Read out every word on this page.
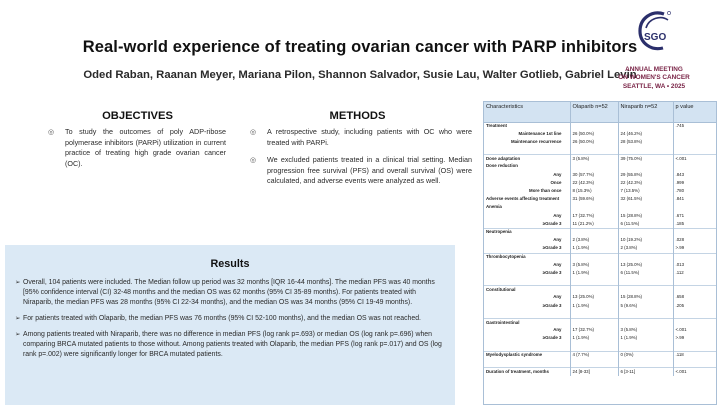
Real-world experience of treating ovarian cancer with PARP inhibitors
Oded Raban, Raanan Meyer, Mariana Pilon, Shannon Salvador, Susie Lau, Walter Gotlieb, Gabriel Levin
SGO
ANNUAL MEETING
ON WOMEN'S CANCER
SEATTLE, WA • 2025
OBJECTIVES
◎	To study the outcomes of poly ADP-ribose polymerase inhibitors (PARPi) utilization in current practice of treating high grade ovarian cancer (OC).
METHODS
◎	A retrospective study, including patients with OC who were treated with PARPi.
◎	We excluded patients treated in a clinical trial setting. Median progression free survival (PFS) and overall survival (OS) were calculated, and adverse events were analyzed as well.
Results
➢ Overall, 104 patients were included. The Median follow up period was 32 months [IQR 16-44 months]. The median PFS was 40 months [95% confidence interval (CI) 32-48 months and the median OS was 62 months (95% CI 35-89 months). For patients treated with Niraparib, the median PFS was 28 months (95% CI 22-34 months), and the median OS was 34 months (95% CI 19-49 months).
➢ For patients treated with Olaparib, the median PFS was 76 months (95% CI 52-100 months), and the median OS was not reached.
➢ Among patients treated with Niraparib, there was no difference in median PFS (log rank p=.693) or median OS (log rank p=.696) when comparing BRCA mutated patients to those without. Among patients treated with Olaparib, the median PFS (log rank p=.017) and OS (log rank p=.002) were significantly longer for BRCA mutated patients.
Characteristics	Olaparib n=52	Niraparib n=52	p value
Treatment			.745
Maintenance 1st line	26 (50.0%)	24 (46.2%)	
Maintenance recurrence	26 (50.0%)	28 (53.8%)	

Dose adaptation	3 (5.8%)	39 (75.0%)	<.001
Dose reduction			
Any	30 (57.7%)	29 (55.8%)	.843
Once	22 (42.3%)	22 (42.3%)	.999
More than once	8 (15.3%)	7 (13.5%)	.780
Adverse events affecting treatment	31 (59.6%)	32 (61.5%)	.841
Anemia			
Any	17 (32.7%)	15 (28.8%)	.671
≥Grade 3	11 (21.2%)	6 (11.5%)	.185
Neutropenia			
Any	2 (3.8%)	10 (19.2%)	.028
≥Grade 3	1 (1.9%)	2 (3.8%)	>.99
Thrombocytopenia			
Any	3 (5.8%)	13 (25.0%)	.013
≥Grade 3	1 (1.9%)	6 (11.5%)	.112

Constitutional			
Any	13 (25.0%)	15 (28.8%)	.658
≥Grade 3	1 (1.9%)	5 (9.6%)	.205

Gastrointestinal			
Any	17 (32.7%)	3 (5.8%)	<.001
≥Grade 3	1 (1.9%)	1 (1.9%)	>.99

Myelodysplastic syndrome	4 (7.7%)	0 (0%)	.118

Duration of treatment, months	24 [8-33]	6 [3-11]	<.001
